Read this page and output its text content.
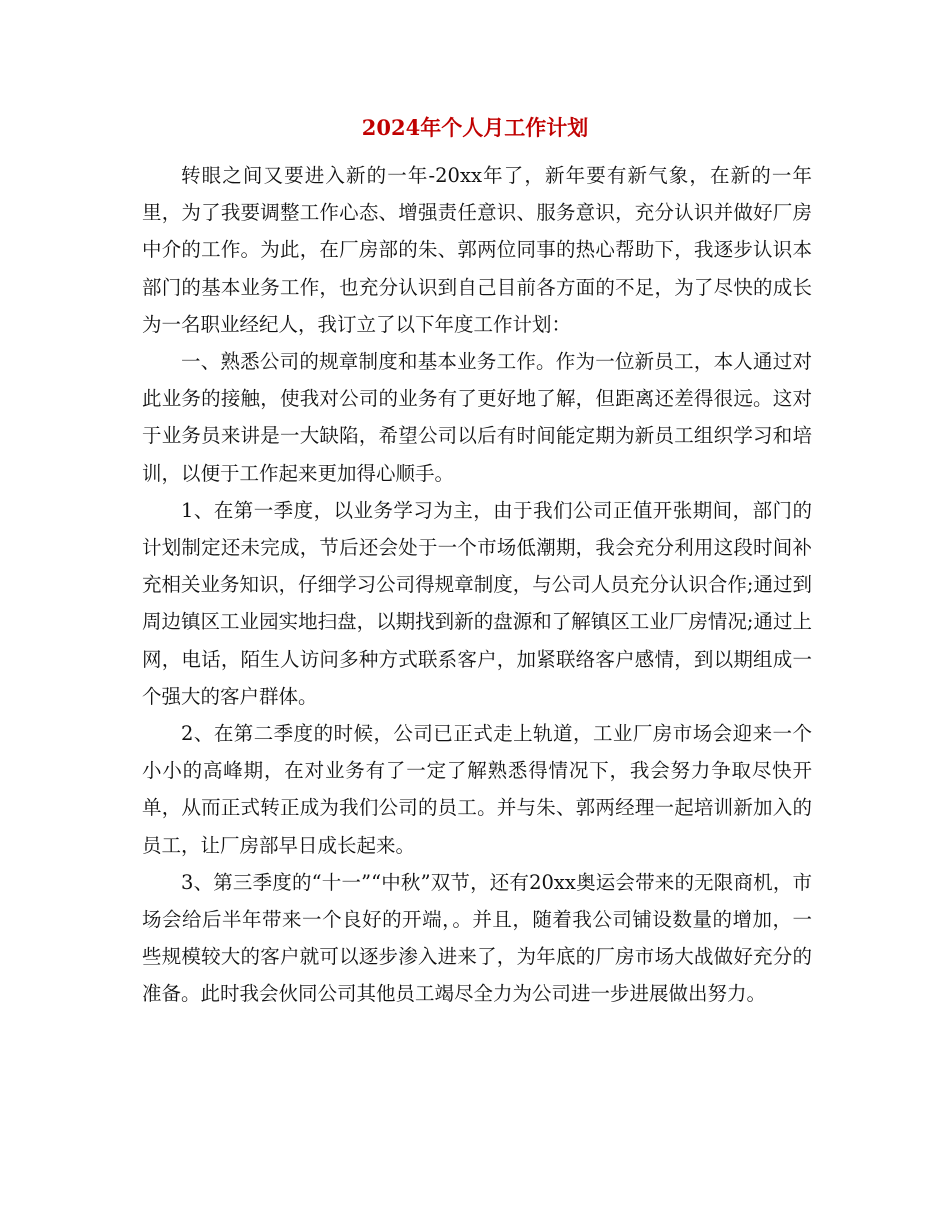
2024年个人月工作计划

转眼之间又要进入新的一年-20xx年了，新年要有新气象，在新的一年里，为了我要调整工作心态、增强责任意识、服务意识，充分认识并做好厂房中介的工作。为此，在厂房部的朱、郭两位同事的热心帮助下，我逐步认识本部门的基本业务工作，也充分认识到自己目前各方面的不足，为了尽快的成长为一名职业经纪人，我订立了以下年度工作计划：

一、熟悉公司的规章制度和基本业务工作。作为一位新员工，本人通过对此业务的接触，使我对公司的业务有了更好地了解，但距离还差得很远。这对于业务员来讲是一大缺陷，希望公司以后有时间能定期为新员工组织学习和培训，以便于工作起来更加得心顺手。

1、在第一季度，以业务学习为主，由于我们公司正值开张期间，部门的计划制定还未完成，节后还会处于一个市场低潮期，我会充分利用这段时间补充相关业务知识，仔细学习公司得规章制度，与公司人员充分认识合作;通过到周边镇区工业园实地扫盘，以期找到新的盘源和了解镇区工业厂房情况;通过上网，电话，陌生人访问多种方式联系客户，加紧联络客户感情，到以期组成一个强大的客户群体。

2、在第二季度的时候，公司已正式走上轨道，工业厂房市场会迎来一个小小的高峰期，在对业务有了一定了解熟悉得情况下，我会努力争取尽快开单，从而正式转正成为我们公司的员工。并与朱、郭两经理一起培训新加入的员工，让厂房部早日成长起来。

3、第三季度的“十一”“中秋”双节，还有20xx奥运会带来的无限商机，市场会给后半年带来一个良好的开端，。并且，随着我公司铺设数量的增加，一些规模较大的客户就可以逐步渗入进来了，为年底的厂房市场大战做好充分的准备。此时我会伙同公司其他员工竭尽全力为公司进一步进展做出努力。
